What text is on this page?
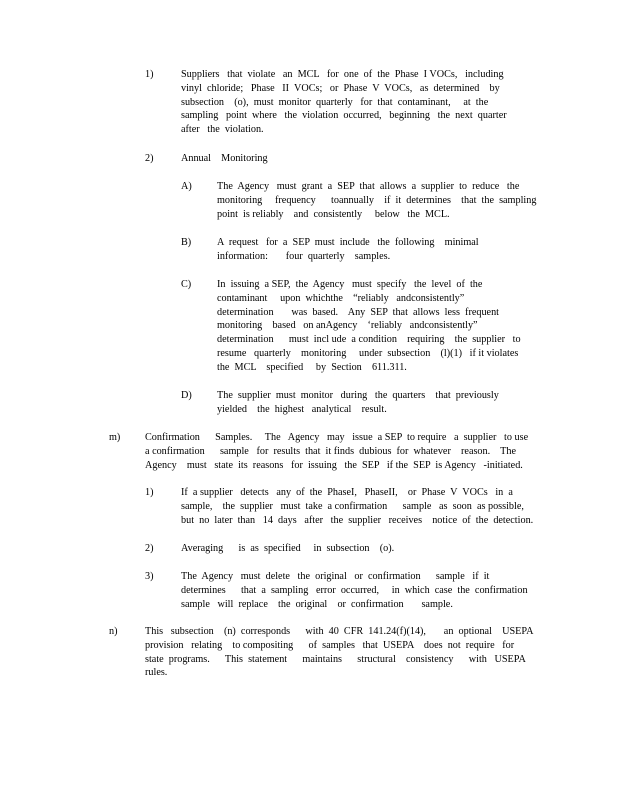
1)	Suppliers   that  violate   an  MCL   for  one  of  the  Phase  I VOCs,   including
vinyl  chloride;   Phase   II  VOCs;   or  Phase  V  VOCs,   as  determined    by
subsection    (o),  must  monitor  quarterly   for  that  contaminant,     at  the
sampling   point  where   the  violation  occurred,   beginning   the  next  quarter
after   the  violation.
2)	Annual    Monitoring
A) The  Agency   must  grant  a  SEP  that  allows  a  supplier  to  reduce   the
monitoring     frequency      toannually    if  it  determines    that  the  sampling
point  is reliably    and  consistently     below   the  MCL.
B)	A  request   for  a  SEP  must  include   the  following    minimal
information:       four  quarterly    samples.
C)	In  issuing  a SEP,  the  Agency   must  specify   the  level  of  the
contaminant     upon  whichthe    “reliably   andconsistently”
determination       was  based.    Any  SEP  that  allows  less  frequent
monitoring    based   on anAgency    ‘reliably   andconsistently”
determination      must  incl ude  a condition    requiring    the  supplier   to
resume   quarterly    monitoring     under  subsection    (l)(1)   if it violates
the  MCL    specified     by  Section    611.311.
D) The  supplier  must  monitor   during   the  quarters    that  previously
yielded    the  highest   analytical    result.
m) Confirmation      Samples.     The   Agency   may   issue  a SEP  to require   a  supplier   to use
a confirmation      sample   for  results  that  it finds  dubious  for  whatever    reason.    The
Agency    must   state  its  reasons   for  issuing   the  SEP   if the  SEP  is Agency   -initiated.
1)	If  a supplier   detects   any  of  the  PhaseI,   PhaseII,    or  Phase  V  VOCs   in  a
sample,    the  supplier   must  take  a confirmation      sample   as  soon  as possible,
but  no  later  than   14  days   after   the  supplier   receives    notice  of  the  detection.
2)	Averaging      is  as  specified     in  subsection    (o).
3)	The  Agency   must  delete   the  original   or  confirmation      sample   if  it
determines      that  a  sampling   error  occurred,     in  which  case  the  confirmation
sample   will  replace    the  original    or  confirmation       sample.
n)	This   subsection    (n)  corresponds      with  40  CFR  141.24(f)(14),       an  optional    USEPA
provision   relating    to compositing      of  samples   that  USEPA    does  not  require   for
state  programs.      This  statement      maintains      structural    consistency      with   USEPA
rules.
